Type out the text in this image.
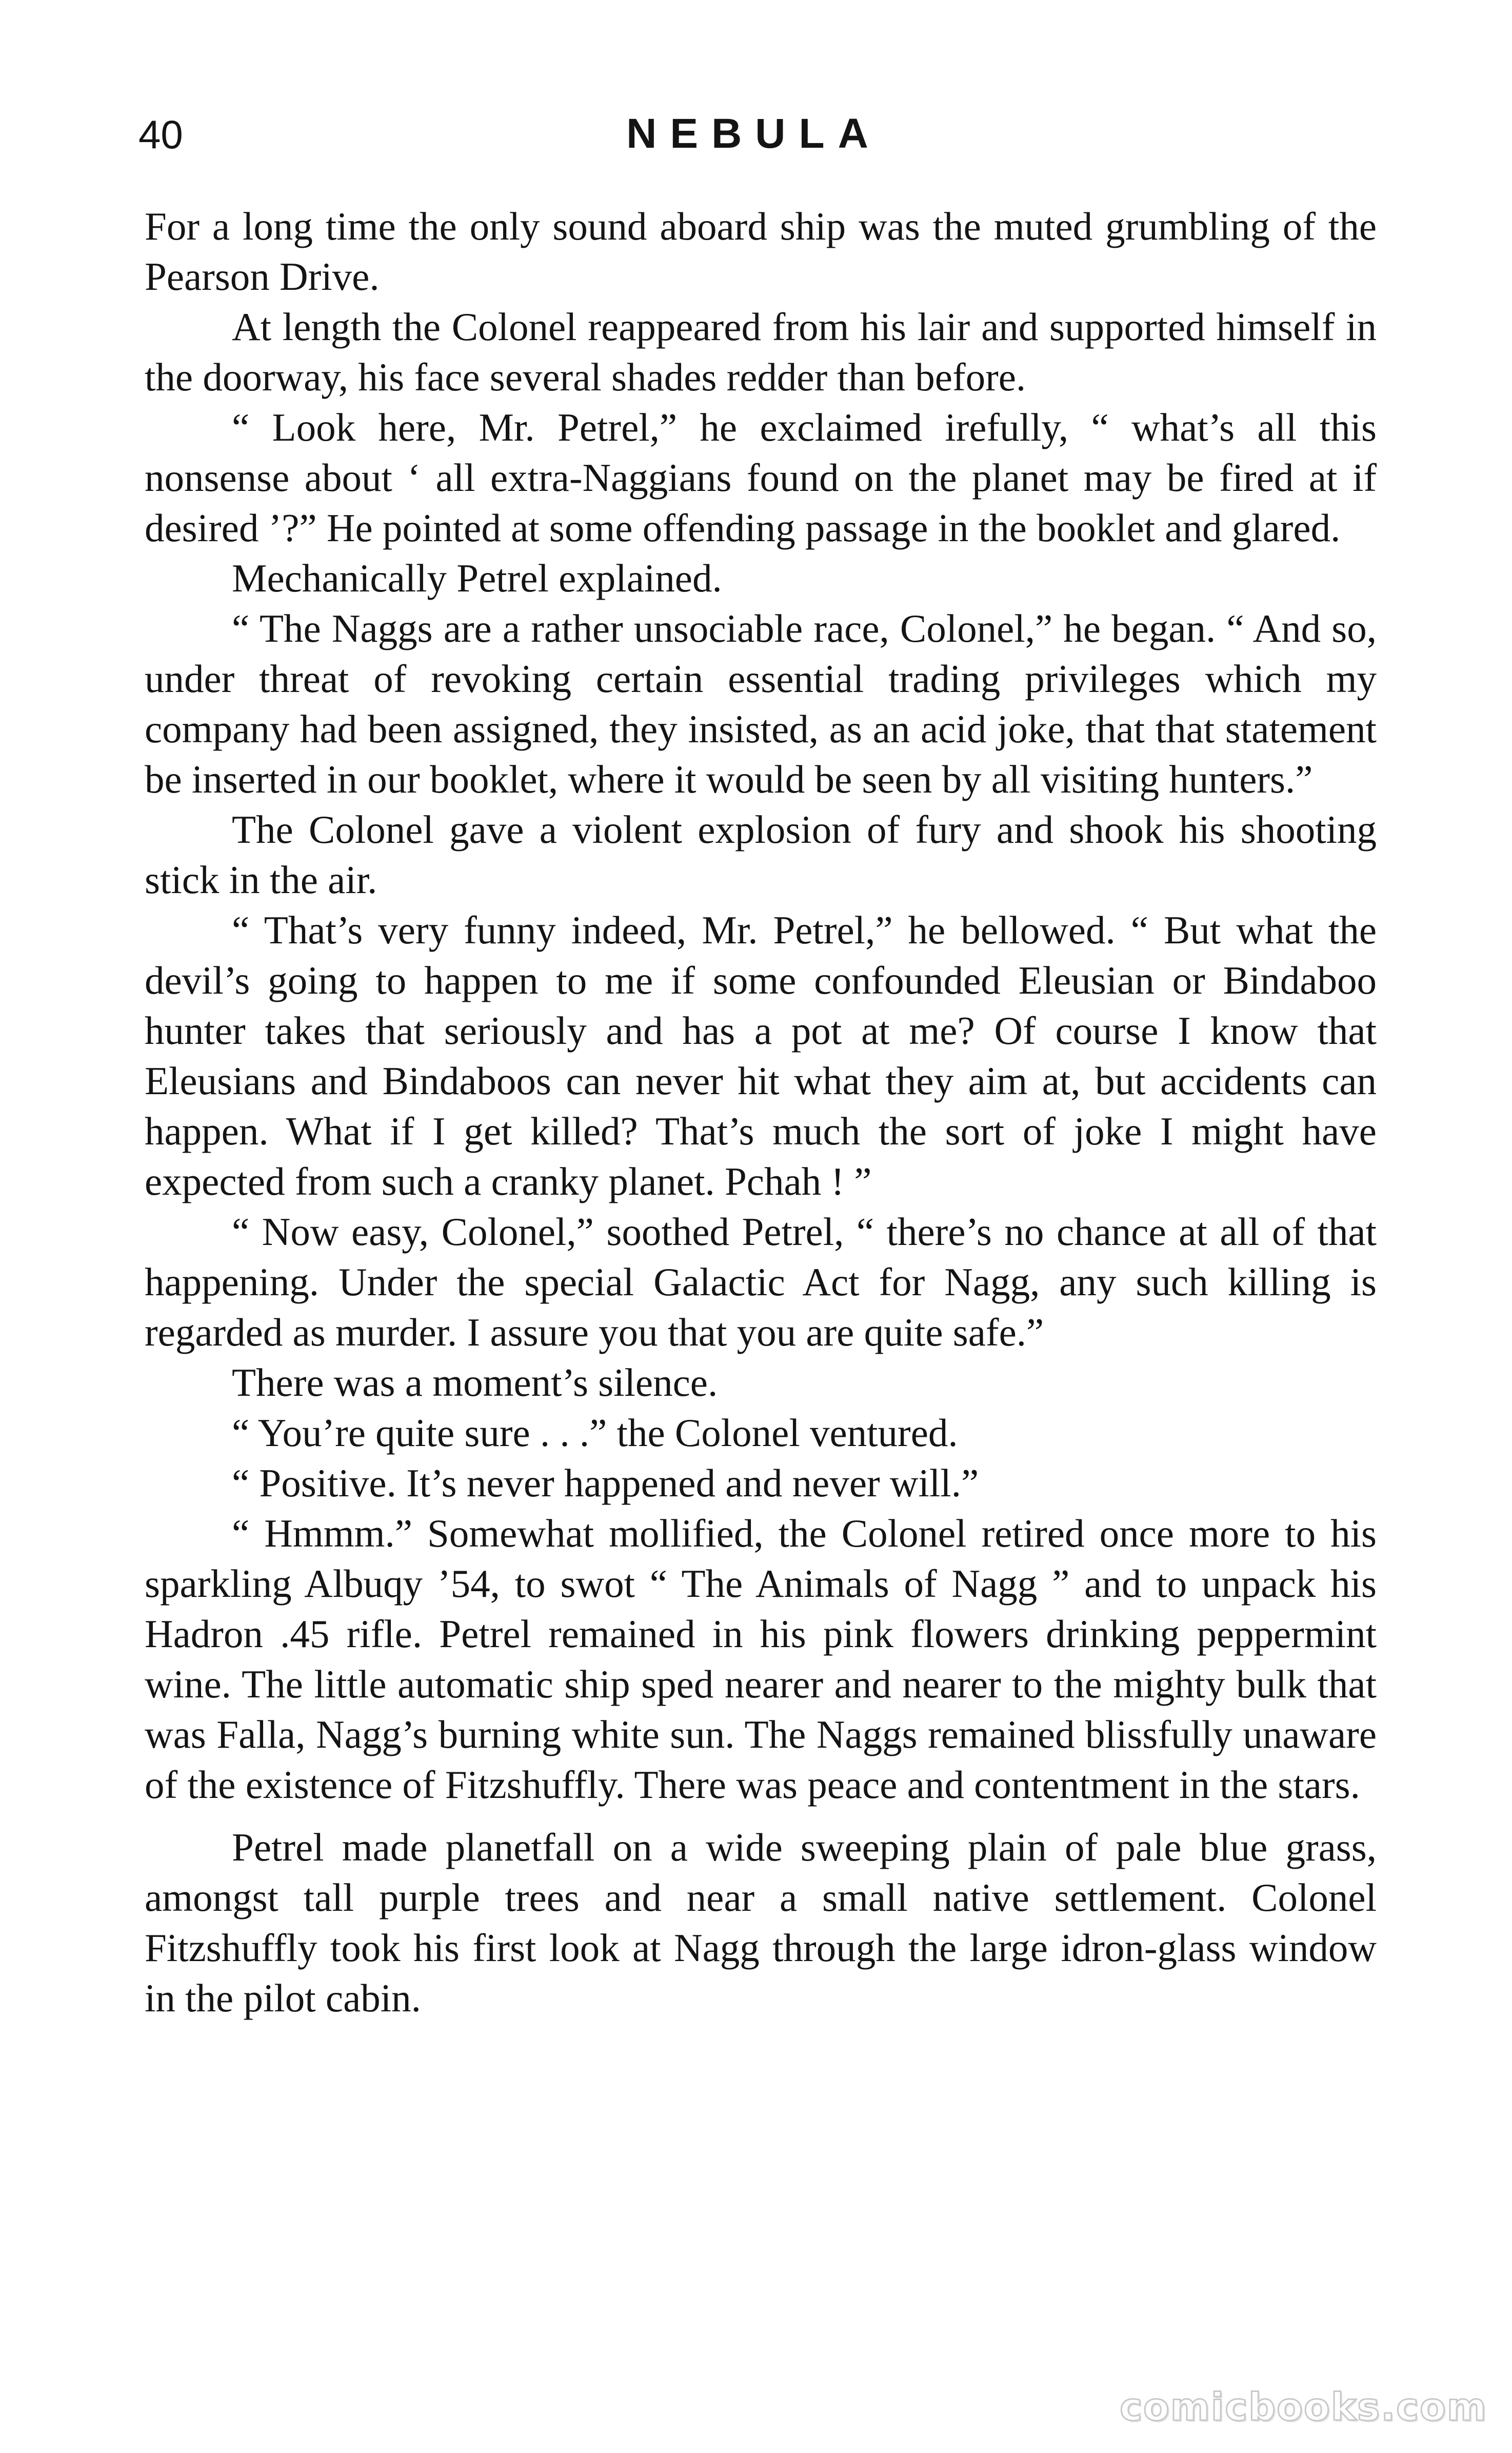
40	NEBULA

For a long time the only sound aboard ship was the muted grumbling of the Pearson Drive.

At length the Colonel reappeared from his lair and supported himself in the doorway, his face several shades redder than before.

“ Look here, Mr. Petrel,” he exclaimed irefully, “ what’s all this nonsense about ‘ all extra-Naggians found on the planet may be fired at if desired ’?” He pointed at some offending passage in the booklet and glared.

Mechanically Petrel explained.

“ The Naggs are a rather unsociable race, Colonel,” he began. “ And so, under threat of revoking certain essential trading privileges which my company had been assigned, they insisted, as an acid joke, that that statement be inserted in our booklet, where it would be seen by all visiting hunters.”

The Colonel gave a violent explosion of fury and shook his shooting stick in the air.

“ That’s very funny indeed, Mr. Petrel,” he bellowed. “ But what the devil’s going to happen to me if some confounded Eleusian or Bindaboo hunter takes that seriously and has a pot at me? Of course I know that Eleusians and Bindaboos can never hit what they aim at, but accidents can happen. What if I get killed? That’s much the sort of joke I might have expected from such a cranky planet. Pchah ! ”

“ Now easy, Colonel,” soothed Petrel, “ there’s no chance at all of that happening. Under the special Galactic Act for Nagg, any such killing is regarded as murder. I assure you that you are quite safe.”

There was a moment’s silence.

“ You’re quite sure . . .” the Colonel ventured.

“ Positive. It’s never happened and never will.”

“ Hmmm.” Somewhat mollified, the Colonel retired once more to his sparkling Albuqy ’54, to swot “ The Animals of Nagg ” and to unpack his Hadron .45 rifle. Petrel remained in his pink flowers drinking peppermint wine. The little automatic ship sped nearer and nearer to the mighty bulk that was Falla, Nagg’s burning white sun. The Naggs remained blissfully unaware of the existence of Fitzshuffly. There was peace and contentment in the stars.

Petrel made planetfall on a wide sweeping plain of pale blue grass, amongst tall purple trees and near a small native settlement. Colonel Fitzshuffly took his first look at Nagg through the large idron-glass window in the pilot cabin.

comicbooks.com
